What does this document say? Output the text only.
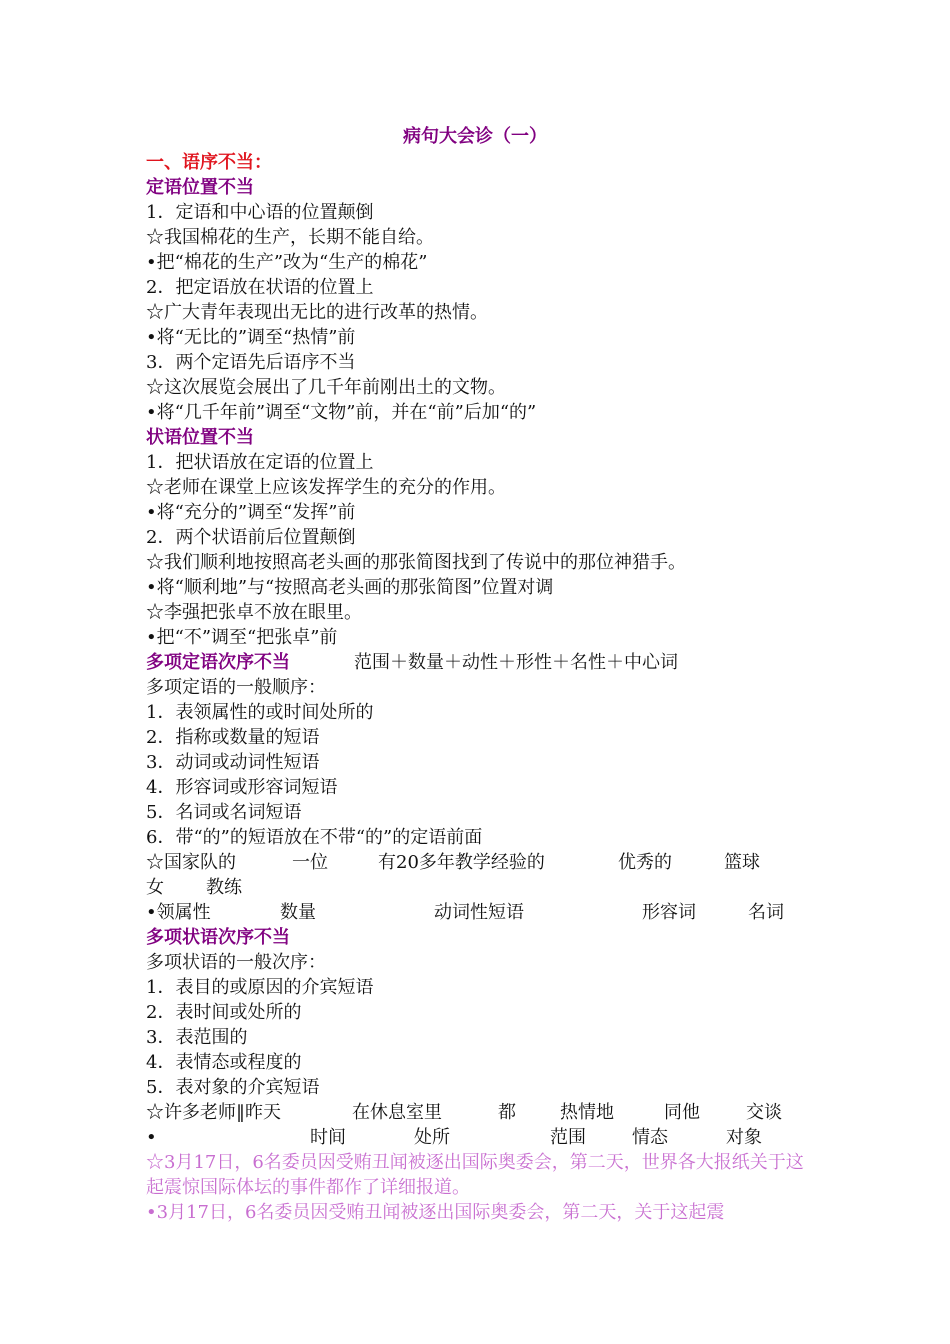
病句大会诊（一）
一、语序不当：
定语位置不当
1．定语和中心语的位置颠倒
☆我国棉花的生产，长期不能自给。
•把“棉花的生产”改为“生产的棉花”
2．把定语放在状语的位置上
☆广大青年表现出无比的进行改革的热情。
•将“无比的”调至“热情”前
3．两个定语先后语序不当
☆这次展览会展出了几千年前刚出土的文物。
•将“几千年前”调至“文物”前，并在“前”后加“的”
状语位置不当
1．把状语放在定语的位置上
☆老师在课堂上应该发挥学生的充分的作用。
•将“充分的”调至“发挥”前
2．两个状语前后位置颠倒
☆我们顺利地按照高老头画的那张简图找到了传说中的那位神猎手。
•将“顺利地”与“按照高老头画的那张简图”位置对调
☆李强把张卓不放在眼里。
•把“不”调至“把张卓”前
多项定语次序不当	范围＋数量＋动性＋形性＋名性＋中心词
多项定语的一般顺序：
1．表领属性的或时间处所的
2．指称或数量的短语
3．动词或动词性短语
4．形容词或形容词短语
5．名词或名词短语
6．带“的”的短语放在不带“的”的定语前面
☆国家队的	一位	有20多年教学经验的	优秀的	篮球
女 教练
•领属性	数量	动词性短语	形容词	名词
多项状语次序不当
多项状语的一般次序：
1．表目的或原因的介宾短语
2．表时间或处所的
3．表范围的
4．表情态或程度的
5．表对象的介宾短语
☆许多老师‖昨天	在休息室里	都 热情地	同他	交谈
•	时间	处所	范围	情态	对象
☆3月17日，6名委员因受贿丑闻被逐出国际奥委会，第二天，世界各大报纸关于这起震惊国际体坛的事件都作了详细报道。
•3月17日，6名委员因受贿丑闻被逐出国际奥委会，第二天，关于这起震
